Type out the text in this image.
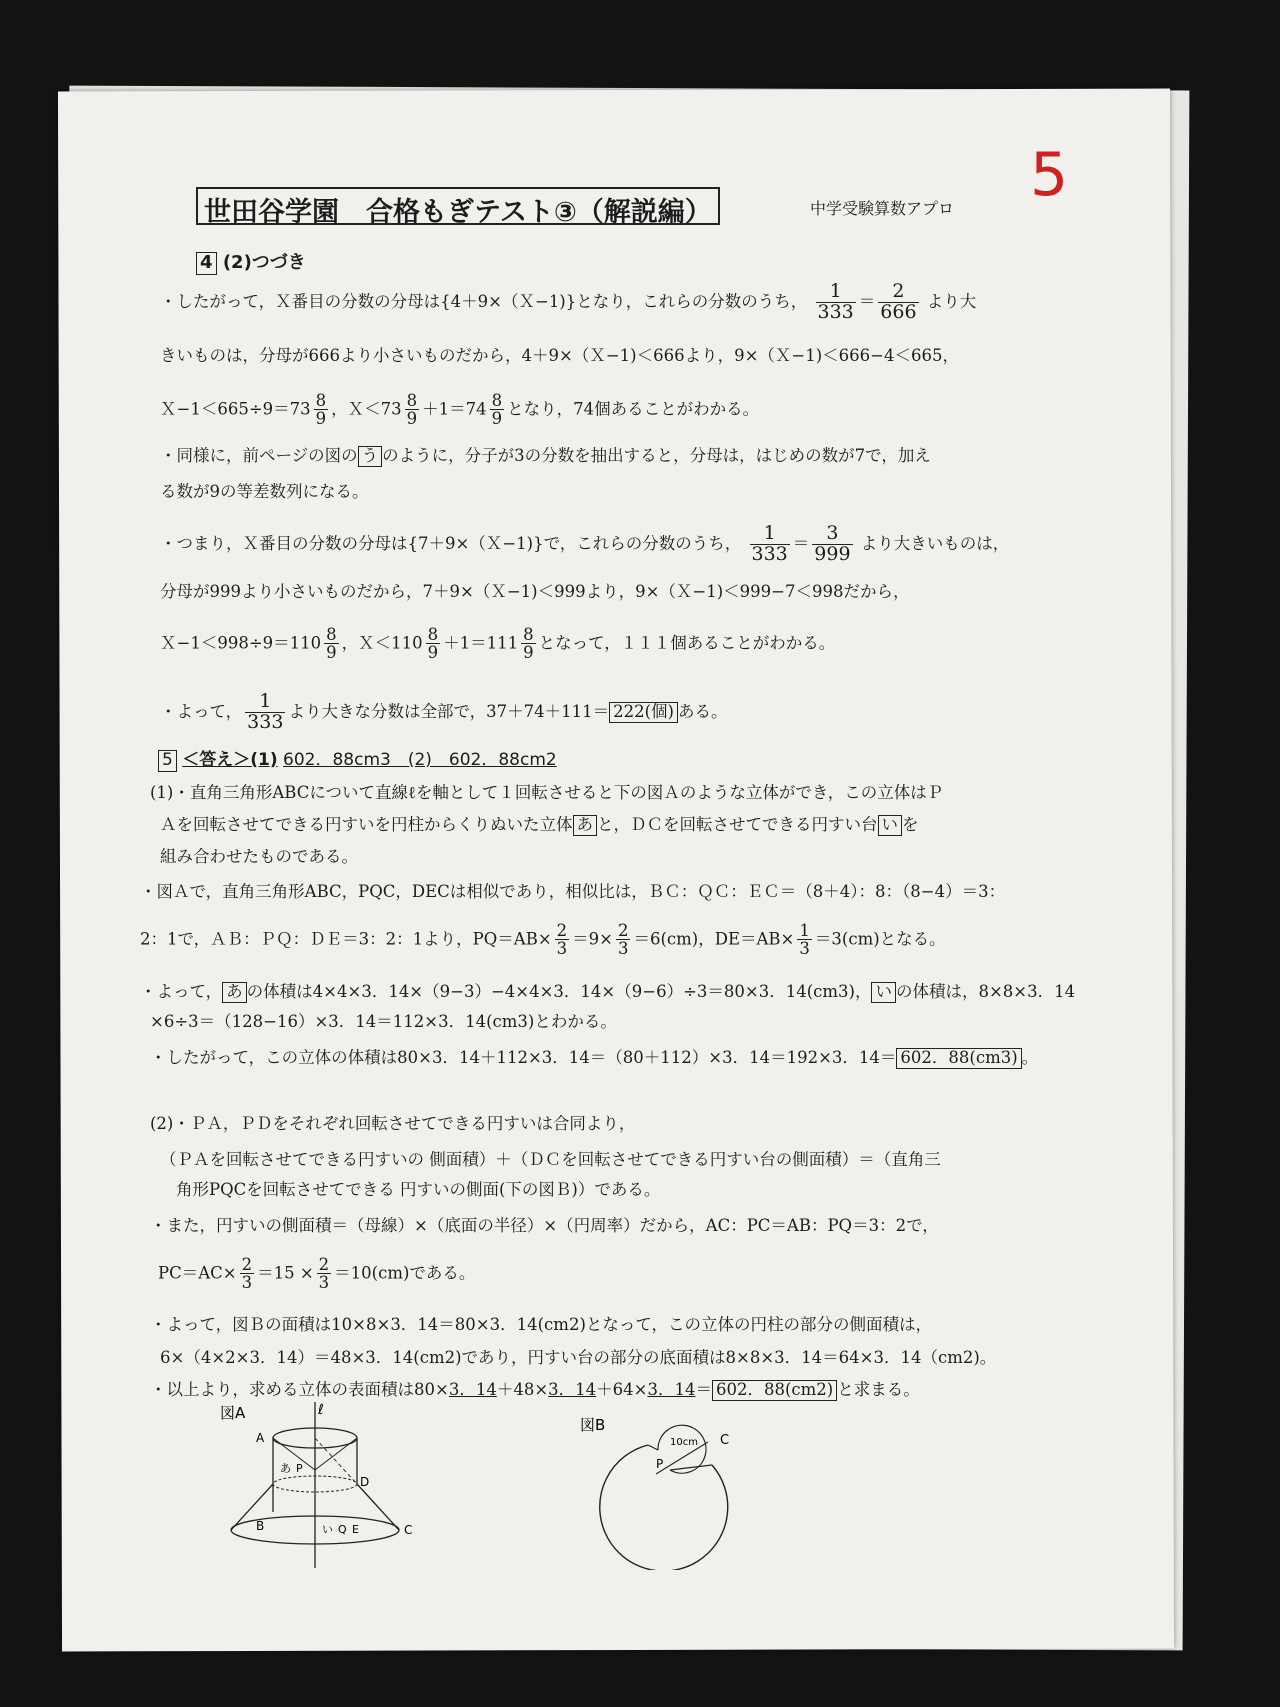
5
世田谷学園　合格もぎテスト③（解説編）	中学受験算数アプロ
4 (2)つづき
・したがって，Ｘ番目の分数の分母は{4＋9×（Ｘ−1)}となり，これらの分数のうち， $\frac{1}{333} = \frac{2}{666}$ より大
きいものは，分母が666より小さいものだから，4＋9×（Ｘ−1)＜666より，9×（Ｘ−1)＜666−4＜665，
Ｘ−1＜665÷9＝73 $\frac{8}{9}$ ，Ｘ＜73 $\frac{8}{9} +1=74 \frac{8}{9}$ となり，74個あることがわかる。
・同様に，前ページの図の う のように，分子が3の分数を抽出すると，分母は，はじめの数が7で，加え
る数が9の等差数列になる。
・つまり，Ｘ番目の分数の分母は{7＋9×（Ｘ−1)}で，これらの分数のうち， $\frac{1}{333} = \frac{3}{999}$ より大きいものは，
分母が999より小さいものだから，7＋9×（Ｘ−1)＜999より，9×（Ｘ−1)＜999−7＜998だから，
Ｘ−1＜998÷9＝110 $\frac{8}{9}$ ，Ｘ＜110 $\frac{8}{9} +1=111 \frac{8}{9}$ となって，１１１個あることがわかる。
・よって， $\frac{1}{333}$ より大きな分数は全部で，37＋74＋111＝ 222(個) ある。
5 ＜答え＞(1) 602．88cm3　(2)　602．88cm2
(1)・直角三角形ABCについて直線ℓを軸として１回転させると下の図Ａのような立体ができ，この立体はＰ
Ａを回転させてできる円すいを円柱からくりぬいた立体 あ と，ＤＣを回転させてできる円すい台 い を
組み合わせたものである。
・図Ａで，直角三角形ABC，PQC，DECは相似であり，相似比は，ＢＣ：ＱＣ：ＥＣ＝（8＋4）：8：（8−4）＝3：
2：1で，ＡＢ：ＰＱ：ＤＥ＝3：2：1より，$PQ=AB\times \frac{2}{3} =9\times \frac{2}{3} =6(cm)$，$DE=AB\times \frac{1}{3} =3(cm)$となる。
・よって， あ の体積は4×4×3．14×（9−3）−4×4×3．14×（9−6）÷3＝80×3．14(cm3)， い の体積は，8×8×3．14
×6÷3＝（128−16）×3．14＝112×3．14(cm3)とわかる。
・したがって，この立体の体積は80×3．14＋112×3．14＝（80＋112）×3．14＝192×3．14＝ 602．88(cm3) 。
(2)・ＰＡ，ＰＤをそれぞれ回転させてできる円すいは合同より，
（ＰＡを回転させてできる円すいの 側面積）＋（ＤＣを回転させてできる円すい台の側面積）＝（直角三
角形PQCを回転させてできる 円すいの側面(下の図Ｂ)）である。
・また，円すいの側面積＝（母線）×（底面の半径）×（円周率）だから，AC：PC＝AB：PQ＝3：2で，
$PC=AC\times \frac{2}{3} =15 \times \frac{2}{3} =10(cm)$である。
・よって，図Ｂの面積は10×8×3．14＝80×3．14(cm2)となって，この立体の円柱の部分の側面積は，
6×（4×2×3．14）＝48×3．14(cm2)であり，円すい台の部分の底面積は8×8×3．14＝64×3．14（cm2)。
・以上より，求める立体の表面積は80×3．14＋48×3．14＋64×3．14＝ 602．88(cm2) と求まる。
図A	ℓ
A
P
D
B	Q E	C
あ
い
図B
P
C
10cm
